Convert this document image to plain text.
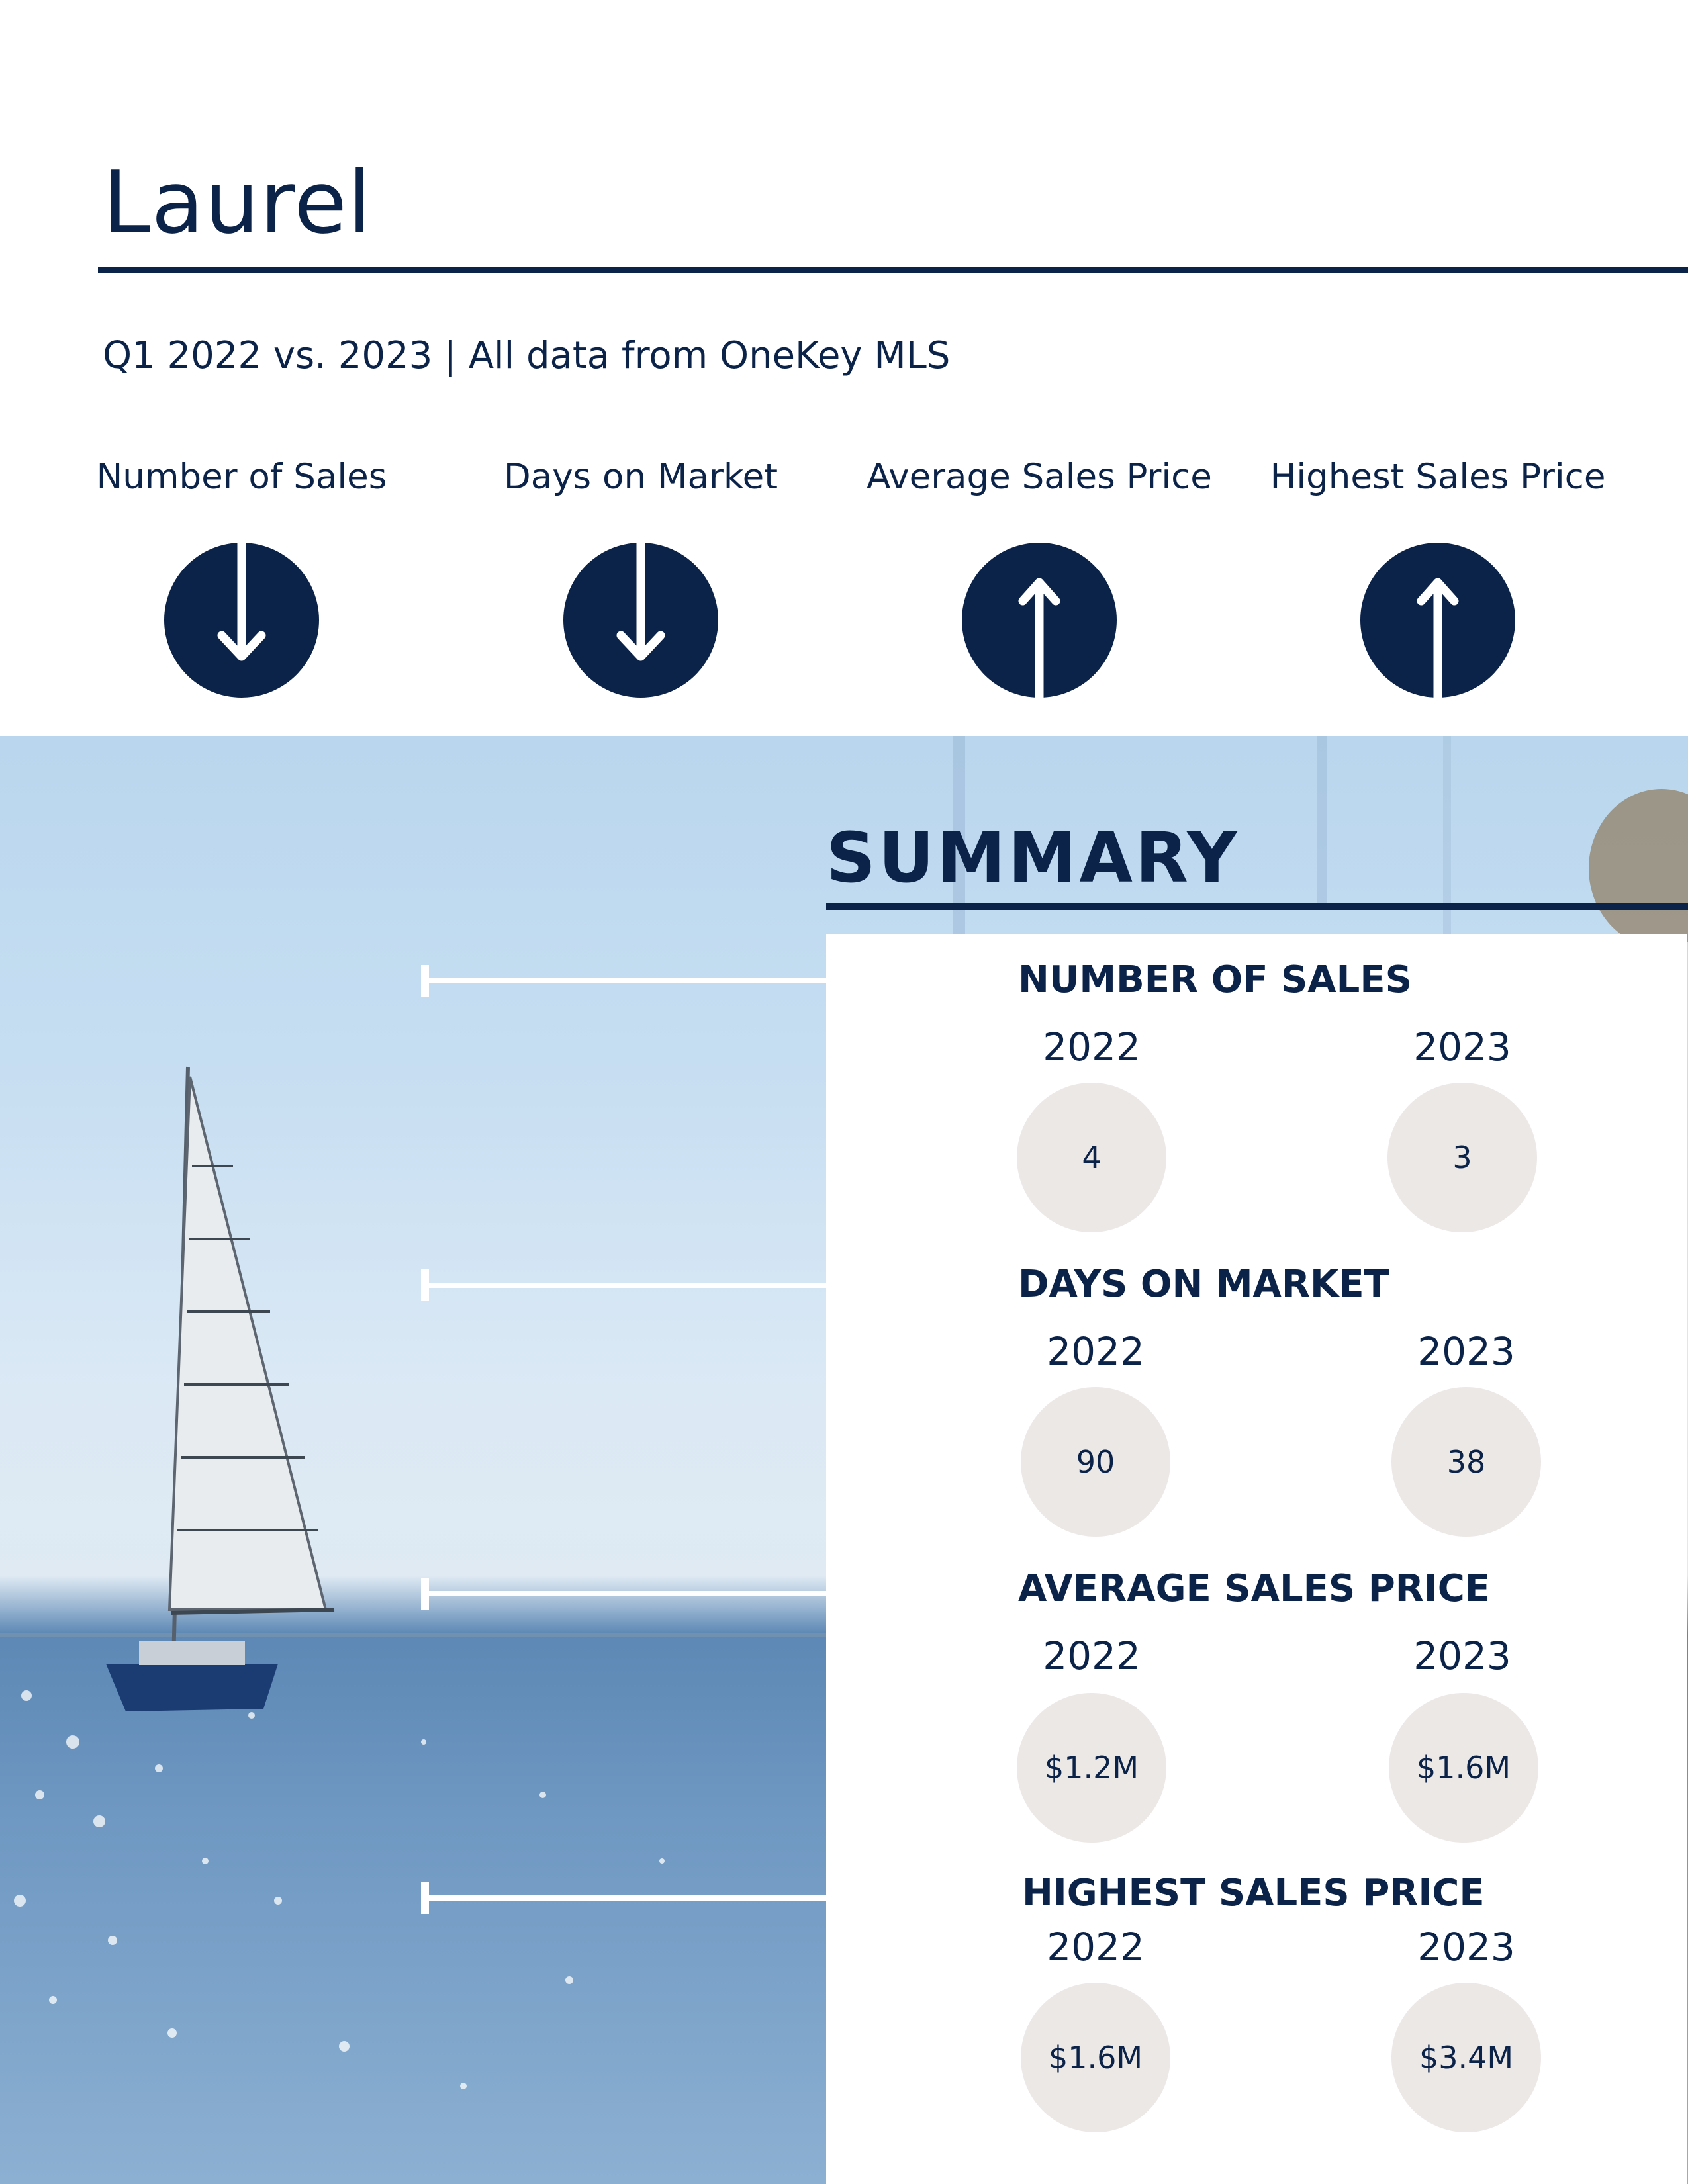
Laurel
Q1 2022 vs. 2023 | All data from OneKey MLS
Number of Sales	Days on Market	Average Sales Price	Highest Sales Price
SUMMARY
NUMBER OF SALES
2022	2023
4	3
DAYS ON MARKET
2022	2023
90	38
AVERAGE SALES PRICE
2022	2023
$1.2M	$1.6M
HIGHEST SALES PRICE
2022	2023
$1.6M	$3.4M
